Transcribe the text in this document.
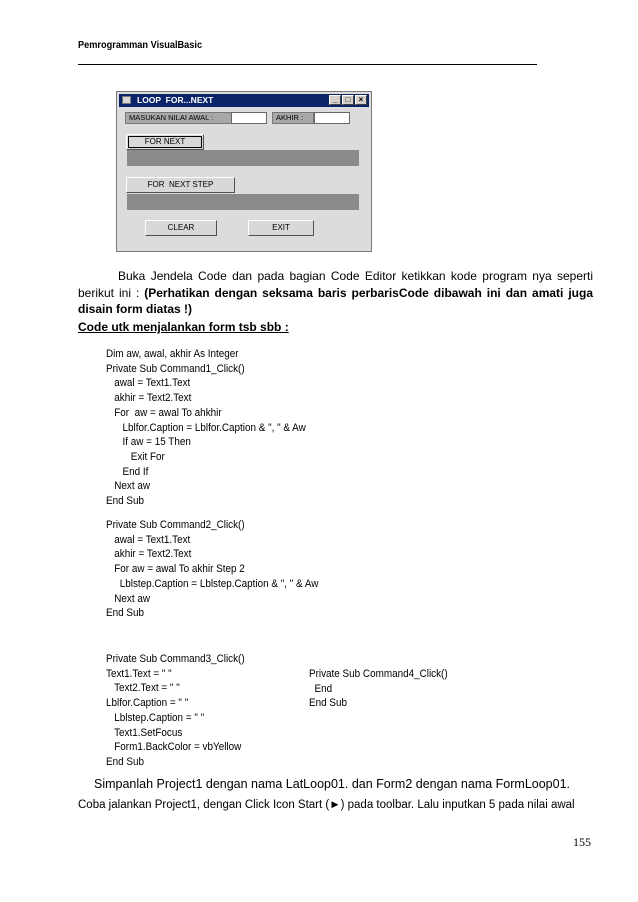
Pemrogramman VisualBasic
LOOP  FOR...NEXT	_	□	×
MASUKAN NILAI AWAL :	AKHIR :
FOR NEXT
FOR  NEXT STEP
CLEAR	EXIT
Buka Jendela Code dan pada bagian Code Editor ketikkan kode program nya seperti berikut ini : (Perhatikan dengan seksama baris perbarisCode dibawah ini dan amati juga disain form diatas !)
Code utk menjalankan form tsb sbb :
Dim aw, awal, akhir As Integer
Private Sub Command1_Click()
awal = Text1.Text
akhir = Text2.Text
For  aw = awal To ahkhir
Lblfor.Caption = Lblfor.Caption & ", " & Aw
If aw = 15 Then
Exit For
End If
Next aw
End Sub
Private Sub Command2_Click()
awal = Text1.Text
akhir = Text2.Text
For aw = awal To akhir Step 2
Lblstep.Caption = Lblstep.Caption & ", " & Aw
Next aw
End Sub
Private Sub Command3_Click()
Text1.Text = " "
Text2.Text = " "
Lblfor.Caption = " "
Lblstep.Caption = " "
Text1.SetFocus
Form1.BackColor = vbYellow
End Sub
Private Sub Command4_Click()
End
End Sub
Simpanlah Project1 dengan nama LatLoop01. dan Form2 dengan nama FormLoop01.
Coba jalankan Project1, dengan Click Icon Start (►) pada toolbar. Lalu inputkan 5 pada nilai awal
155
